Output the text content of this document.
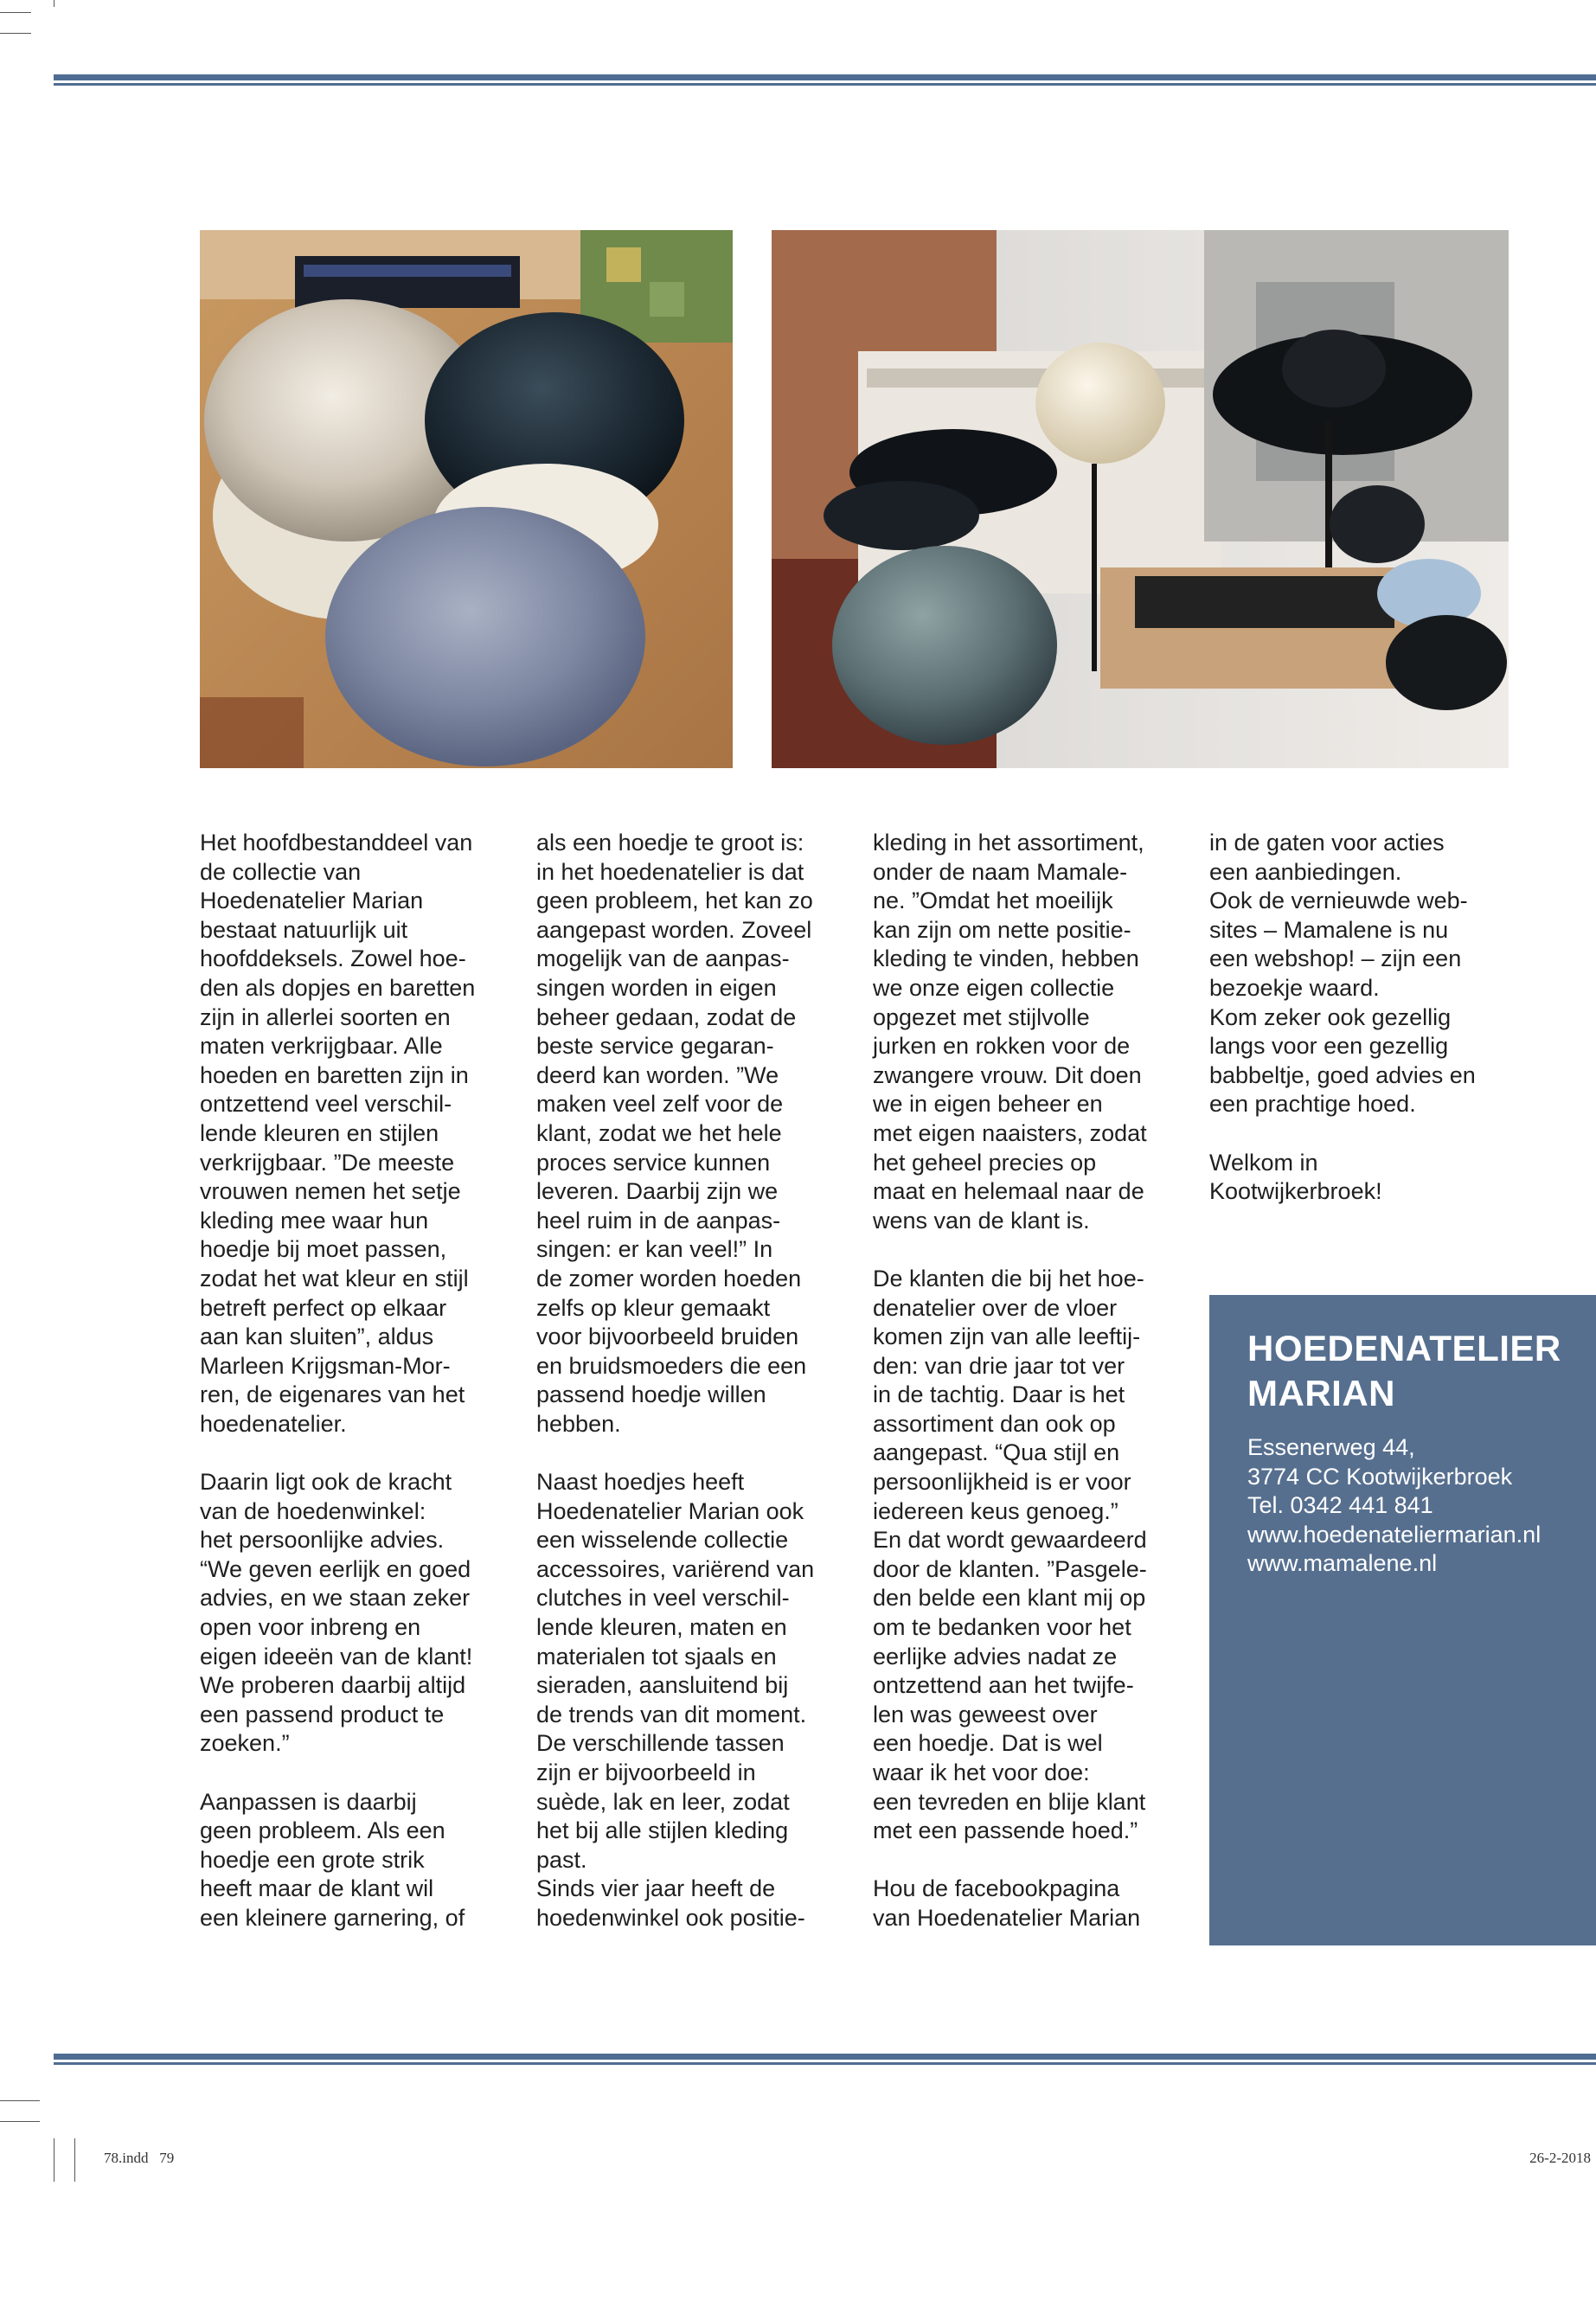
Het hoofdbestanddeel van
de collectie van
Hoedenatelier Marian
bestaat natuurlijk uit
hoofddeksels. Zowel hoe-
den als dopjes en baretten
zijn in allerlei soorten en
maten verkrijgbaar. Alle
hoeden en baretten zijn in
ontzettend veel verschil-
lende kleuren en stijlen
verkrijgbaar. ”De meeste
vrouwen nemen het setje
kleding mee waar hun
hoedje bij moet passen,
zodat het wat kleur en stijl
betreft perfect op elkaar
aan kan sluiten”, aldus
Marleen Krijgsman-Mor-
ren, de eigenares van het
hoedenatelier.

Daarin ligt ook de kracht
van de hoedenwinkel:
het persoonlijke advies.
“We geven eerlijk en goed
advies, en we staan zeker
open voor inbreng en
eigen ideeën van de klant!
We proberen daarbij altijd
een passend product te
zoeken.”

Aanpassen is daarbij
geen probleem. Als een
hoedje een grote strik
heeft maar de klant wil
een kleinere garnering, of

als een hoedje te groot is:
in het hoedenatelier is dat
geen probleem, het kan zo
aangepast worden. Zoveel
mogelijk van de aanpas-
singen worden in eigen
beheer gedaan, zodat de
beste service gegaran-
deerd kan worden. ”We
maken veel zelf voor de
klant, zodat we het hele
proces service kunnen
leveren. Daarbij zijn we
heel ruim in de aanpas-
singen: er kan veel!” In
de zomer worden hoeden
zelfs op kleur gemaakt
voor bijvoorbeeld bruiden
en bruidsmoeders die een
passend hoedje willen
hebben.

Naast hoedjes heeft
Hoedenatelier Marian ook
een wisselende collectie
accessoires, variërend van
clutches in veel verschil-
lende kleuren, maten en
materialen tot sjaals en
sieraden, aansluitend bij
de trends van dit moment.
De verschillende tassen
zijn er bijvoorbeeld in
suède, lak en leer, zodat
het bij alle stijlen kleding
past.
Sinds vier jaar heeft de
hoedenwinkel ook positie-

kleding in het assortiment,
onder de naam Mamale-
ne. ”Omdat het moeilijk
kan zijn om nette positie-
kleding te vinden, hebben
we onze eigen collectie
opgezet met stijlvolle
jurken en rokken voor de
zwangere vrouw. Dit doen
we in eigen beheer en
met eigen naaisters, zodat
het geheel precies op
maat en helemaal naar de
wens van de klant is.

De klanten die bij het hoe-
denatelier over de vloer
komen zijn van alle leeftij-
den: van drie jaar tot ver
in de tachtig. Daar is het
assortiment dan ook op
aangepast. “Qua stijl en
persoonlijkheid is er voor
iedereen keus genoeg.”
En dat wordt gewaardeerd
door de klanten. ”Pasgele-
den belde een klant mij op
om te bedanken voor het
eerlijke advies nadat ze
ontzettend aan het twijfe-
len was geweest over
een hoedje. Dat is wel
waar ik het voor doe:
een tevreden en blije klant
met een passende hoed.”

Hou de facebookpagina
van Hoedenatelier Marian

in de gaten voor acties
een aanbiedingen.
Ook de vernieuwde web-
sites – Mamalene is nu
een webshop! – zijn een
bezoekje waard.
Kom zeker ook gezellig
langs voor een gezellig
babbeltje, goed advies en
een prachtige hoed.

Welkom in
Kootwijkerbroek!

HOEDENATELIER
MARIAN
Essenerweg 44,
3774 CC Kootwijkerbroek
Tel. 0342 441 841
www.hoedenateliermarian.nl
www.mamalene.nl
78.indd   79	26-2-2018
